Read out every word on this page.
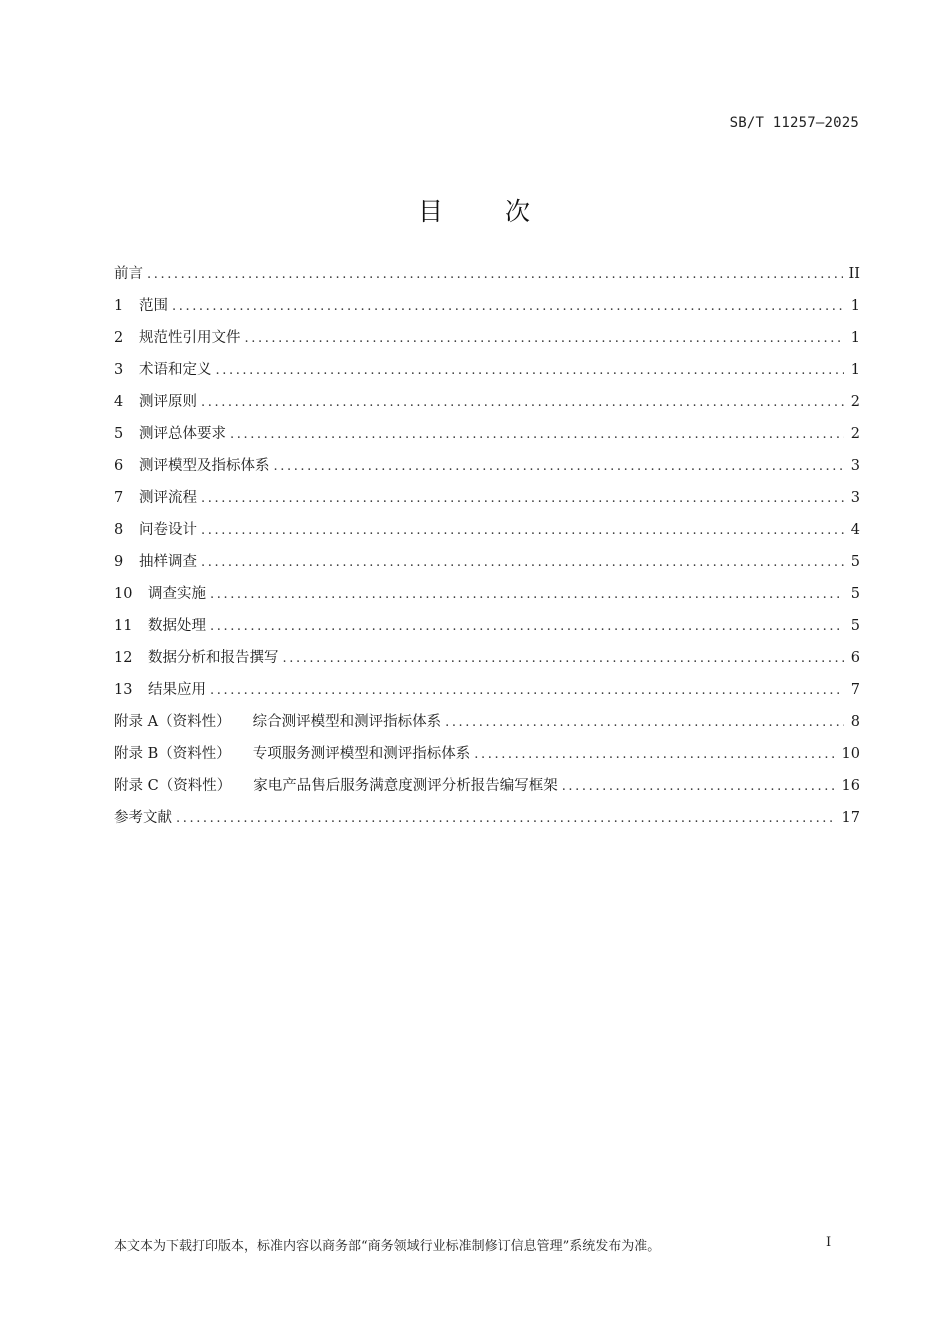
SB/T 11257—2025
目 次
前言 .....	II
1	范围 .....	1
2	规范性引用文件 .....	1
3	术语和定义 .....	1
4	测评原则 .....	2
5	测评总体要求 .....	2
6	测评模型及指标体系 .....	3
7	测评流程 .....	3
8	问卷设计 .....	4
9	抽样调查 .....	5
10	调查实施 .....	5
11	数据处理 .....	5
12	数据分析和报告撰写 .....	6
13	结果应用 .....	7
附录 A（资料性） 综合测评模型和测评指标体系 .....	8
附录 B（资料性） 专项服务测评模型和测评指标体系 .....	10
附录 C（资料性） 家电产品售后服务满意度测评分析报告编写框架 .....	16
参考文献 .....	17
本文本为下载打印版本，标准内容以商务部“商务领域行业标准制修订信息管理”系统发布为准。	I
